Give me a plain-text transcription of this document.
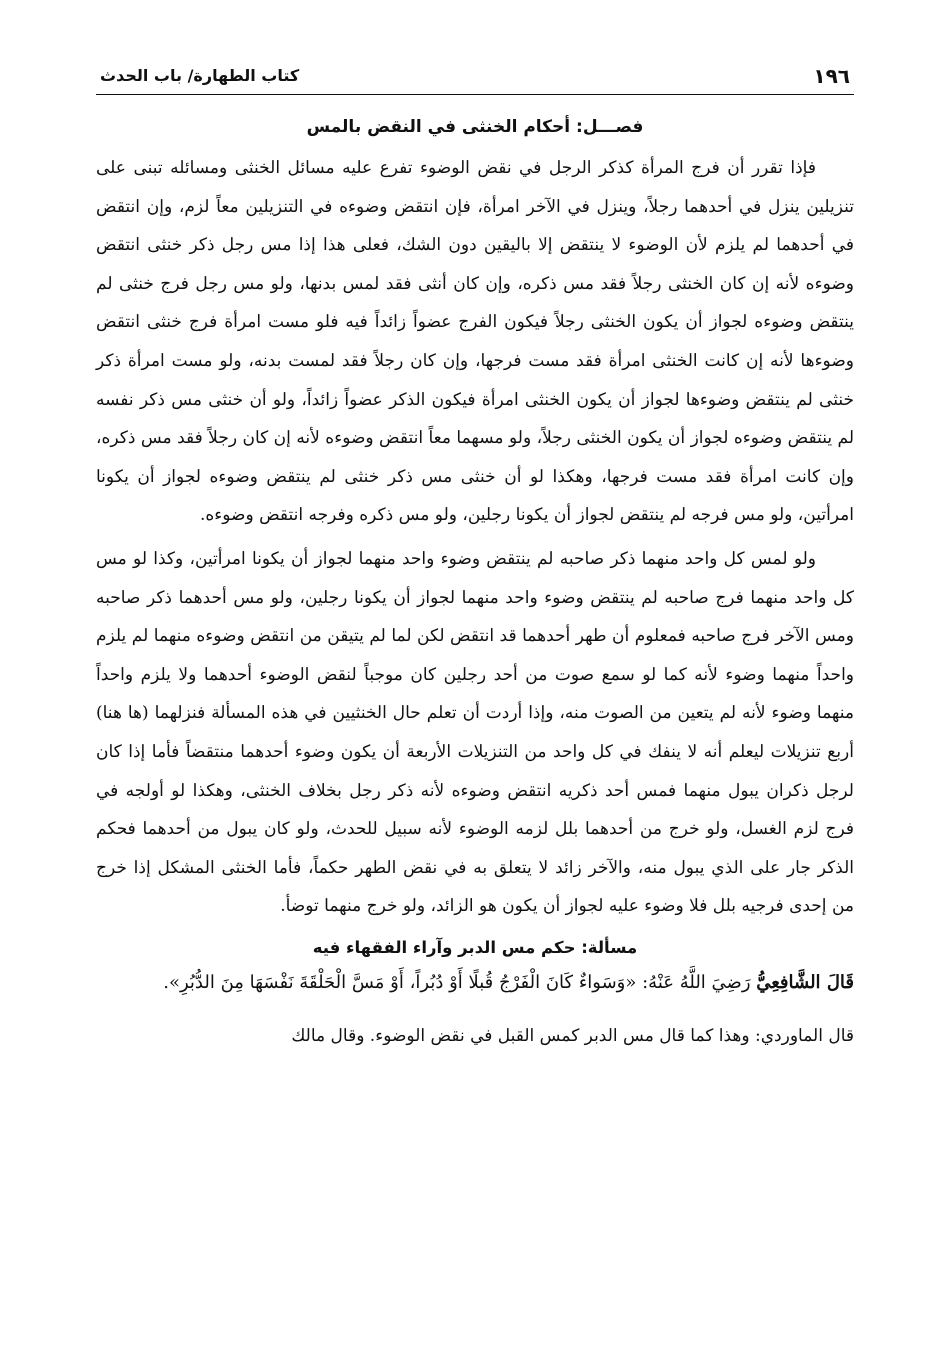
١٩٦
كتاب الطهارة/ باب الحدث
فصـــل: أحكام الخنثى في النقض بالمس

فإذا تقرر أن فرج المرأة كذكر الرجل في نقض الوضوء تفرع عليه مسائل الخنثى ومسائله تبنى على تنزيلين ينزل في أحدهما رجلاً، وينزل في الآخر امرأة، فإن انتقض وضوءه في التنزيلين معاً لزم، وإن انتقض في أحدهما لم يلزم لأن الوضوء لا ينتقض إلا باليقين دون الشك، فعلى هذا إذا مس رجل ذكر خنثى انتقض وضوءه لأنه إن كان الخنثى رجلاً فقد مس ذكره، وإن كان أنثى فقد لمس بدنها، ولو مس رجل فرج خنثى لم ينتقض وضوءه لجواز أن يكون الخنثى رجلاً فيكون الفرج عضواً زائداً فيه فلو مست امرأة فرج خنثى انتقض وضوءها لأنه إن كانت الخنثى امرأة فقد مست فرجها، وإن كان رجلاً فقد لمست بدنه، ولو مست امرأة ذكر خنثى لم ينتقض وضوءها لجواز أن يكون الخنثى امرأة فيكون الذكر عضواً زائداً، ولو أن خنثى مس ذكر نفسه لم ينتقض وضوءه لجواز أن يكون الخنثى رجلاً، ولو مسهما معاً انتقض وضوءه لأنه إن كان رجلاً فقد مس ذكره، وإن كانت امرأة فقد مست فرجها، وهكذا لو أن خنثى مس ذكر خنثى لم ينتقض وضوءه لجواز أن يكونا امرأتين، ولو مس فرجه لم ينتقض لجواز أن يكونا رجلين، ولو مس ذكره وفرجه انتقض وضوءه.

ولو لمس كل واحد منهما ذكر صاحبه لم ينتقض وضوء واحد منهما لجواز أن يكونا امرأتين، وكذا لو مس كل واحد منهما فرج صاحبه لم ينتقض وضوء واحد منهما لجواز أن يكونا رجلين، ولو مس أحدهما ذكر صاحبه ومس الآخر فرج صاحبه فمعلوم أن طهر أحدهما قد انتقض لكن لما لم يتيقن من انتقض وضوءه منهما لم يلزم واحداً منهما وضوء لأنه كما لو سمع صوت من أحد رجلين كان موجباً لنقض الوضوء أحدهما ولا يلزم واحداً منهما وضوء لأنه لم يتعين من الصوت منه، وإذا أردت أن تعلم حال الخنثيين في هذه المسألة فنزلهما (ها هنا) أربع تنزيلات ليعلم أنه لا ينفك في كل واحد من التنزيلات الأربعة أن يكون وضوء أحدهما منتقضاً فأما إذا كان لرجل ذكران يبول منهما فمس أحد ذكريه انتقض وضوءه لأنه ذكر رجل بخلاف الخنثى، وهكذا لو أولجه في فرج لزم الغسل، ولو خرج من أحدهما بلل لزمه الوضوء لأنه سبيل للحدث، ولو كان يبول من أحدهما فحكم الذكر جار على الذي يبول منه، والآخر زائد لا يتعلق به في نقض الطهر حكماً، فأما الخنثى المشكل إذا خرج من إحدى فرجيه بلل فلا وضوء عليه لجواز أن يكون هو الزائد، ولو خرج منهما توضأ.

مسألة: حكم مس الدبر وآراء الفقهاء فيه

قَالَ الشَّافِعِيُّ رَضِيَ اللَّهُ عَنْهُ: «وَسَواءٌ كَانَ الْفَرْجُ قُبلًا أَوْ دُبُراً، أَوْ مَسَّ الْحَلْقَةَ نَفْسَهَا مِنَ الدُّبُرِ».

قال الماوردي: وهذا كما قال مس الدبر كمس القبل في نقض الوضوء. وقال مالك
